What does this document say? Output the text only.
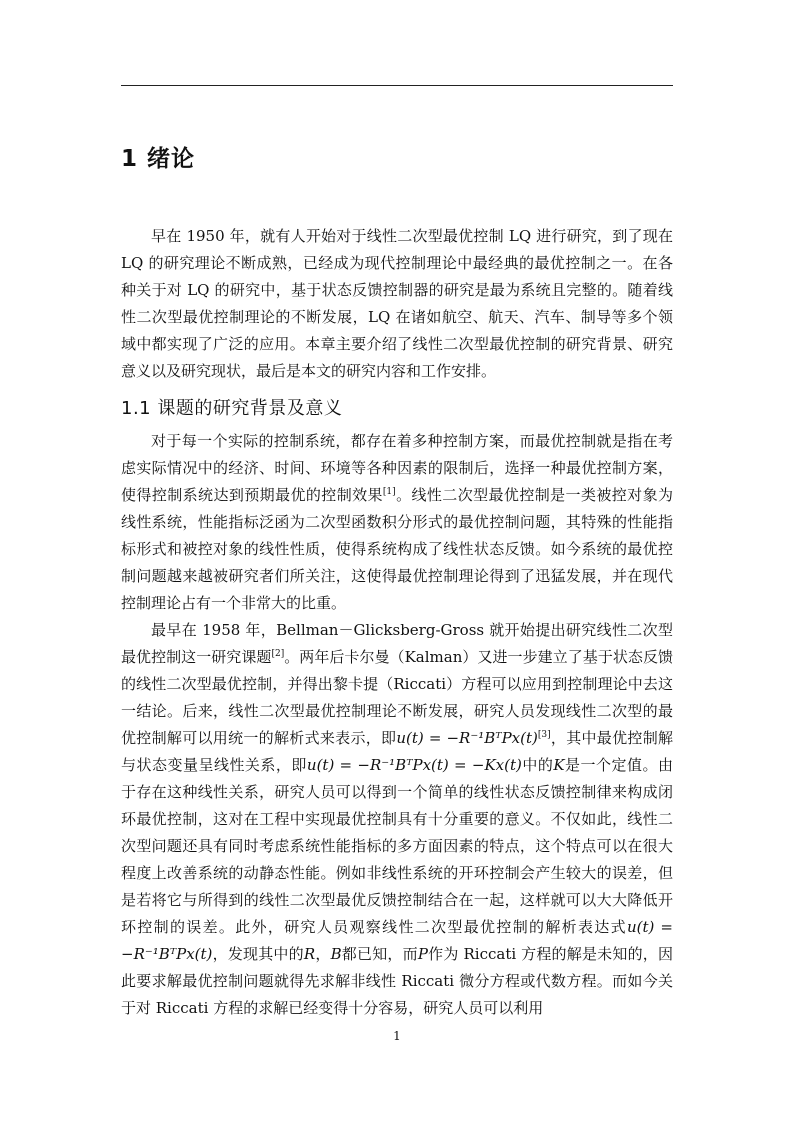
1 绪论

早在 1950 年，就有人开始对于线性二次型最优控制 LQ 进行研究，到了现在 LQ 的研究理论不断成熟，已经成为现代控制理论中最经典的最优控制之一。在各种关于对 LQ 的研究中，基于状态反馈控制器的研究是最为系统且完整的。随着线性二次型最优控制理论的不断发展，LQ 在诸如航空、航天、汽车、制导等多个领域中都实现了广泛的应用。本章主要介绍了线性二次型最优控制的研究背景、研究意义以及研究现状，最后是本文的研究内容和工作安排。

1.1 课题的研究背景及意义

对于每一个实际的控制系统，都存在着多种控制方案，而最优控制就是指在考虑实际情况中的经济、时间、环境等各种因素的限制后，选择一种最优控制方案，使得控制系统达到预期最优的控制效果[1]。线性二次型最优控制是一类被控对象为线性系统，性能指标泛函为二次型函数积分形式的最优控制问题，其特殊的性能指标形式和被控对象的线性性质，使得系统构成了线性状态反馈。如今系统的最优控制问题越来越被研究者们所关注，这使得最优控制理论得到了迅猛发展，并在现代控制理论占有一个非常大的比重。

最早在 1958 年，Bellman－Glicksberg-Gross 就开始提出研究线性二次型最优控制这一研究课题[2]。两年后卡尔曼（Kalman）又进一步建立了基于状态反馈的线性二次型最优控制，并得出黎卡提（Riccati）方程可以应用到控制理论中去这一结论。后来，线性二次型最优控制理论不断发展，研究人员发现线性二次型的最优控制解可以用统一的解析式来表示，即u(t) = −R⁻¹BᵀPx(t)[3]，其中最优控制解与状态变量呈线性关系，即u(t) = −R⁻¹BᵀPx(t) = −Kx(t)中的K是一个定值。由于存在这种线性关系，研究人员可以得到一个简单的线性状态反馈控制律来构成闭环最优控制，这对在工程中实现最优控制具有十分重要的意义。不仅如此，线性二次型问题还具有同时考虑系统性能指标的多方面因素的特点，这个特点可以在很大程度上改善系统的动静态性能。例如非线性系统的开环控制会产生较大的误差，但是若将它与所得到的线性二次型最优反馈控制结合在一起，这样就可以大大降低开环控制的误差。此外，研究人员观察线性二次型最优控制的解析表达式u(t) = −R⁻¹BᵀPx(t)，发现其中的R，B都已知，而P作为 Riccati 方程的解是未知的，因此要求解最优控制问题就得先求解非线性 Riccati 微分方程或代数方程。而如今关于对 Riccati 方程的求解已经变得十分容易，研究人员可以利用

1
